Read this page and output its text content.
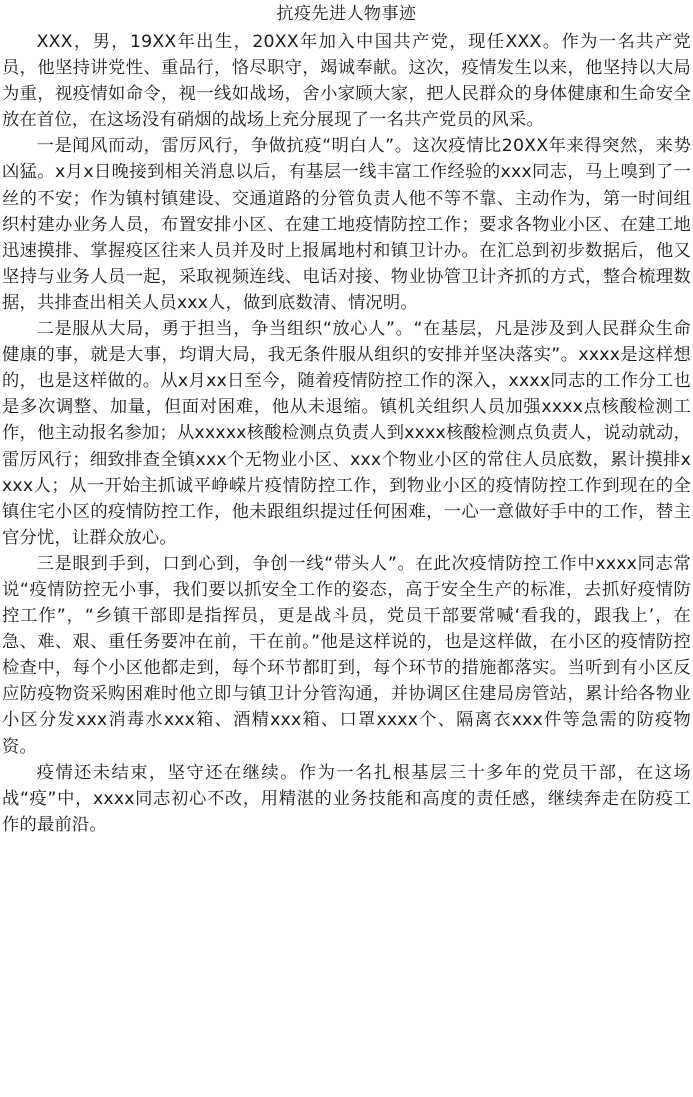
抗疫先进人物事迹

XXX，男，19XX年出生，20XX年加入中国共产党，现任XXX。作为一名共产党员，他坚持讲党性、重品行，恪尽职守，竭诚奉献。这次，疫情发生以来，他坚持以大局为重，视疫情如命令，视一线如战场，舍小家顾大家，把人民群众的身体健康和生命安全放在首位，在这场没有硝烟的战场上充分展现了一名共产党员的风采。

一是闻风而动，雷厉风行，争做抗疫“明白人”。这次疫情比20XX年来得突然，来势凶猛。x月x日晚接到相关消息以后，有基层一线丰富工作经验的xxx同志，马上嗅到了一丝的不安；作为镇村镇建设、交通道路的分管负责人他不等不靠、主动作为，第一时间组织村建办业务人员，布置安排小区、在建工地疫情防控工作；要求各物业小区、在建工地迅速摸排、掌握疫区往来人员并及时上报属地村和镇卫计办。在汇总到初步数据后，他又坚持与业务人员一起，采取视频连线、电话对接、物业协管卫计齐抓的方式，整合梳理数据，共排查出相关人员xxx人，做到底数清、情况明。

二是服从大局，勇于担当，争当组织“放心人”。“在基层，凡是涉及到人民群众生命健康的事，就是大事，均谓大局，我无条件服从组织的安排并坚决落实”。xxxx是这样想的，也是这样做的。从x月xx日至今，随着疫情防控工作的深入，xxxx同志的工作分工也是多次调整、加量，但面对困难，他从未退缩。镇机关组织人员加强xxxx点核酸检测工作，他主动报名参加；从xxxxx核酸检测点负责人到xxxx核酸检测点负责人，说动就动，雷厉风行；细致排查全镇xxx个无物业小区、xxx个物业小区的常住人员底数，累计摸排xxxx人；从一开始主抓诚平峥嵘片疫情防控工作，到物业小区的疫情防控工作到现在的全镇住宅小区的疫情防控工作，他未跟组织提过任何困难，一心一意做好手中的工作，替主官分忧，让群众放心。

三是眼到手到，口到心到，争创一线“带头人”。在此次疫情防控工作中xxxx同志常说“疫情防控无小事，我们要以抓安全工作的姿态，高于安全生产的标准，去抓好疫情防控工作”，“乡镇干部即是指挥员，更是战斗员，党员干部要常喊‘看我的，跟我上’，在急、难、艰、重任务要冲在前，干在前。”他是这样说的，也是这样做，在小区的疫情防控检查中，每个小区他都走到，每个环节都盯到，每个环节的措施都落实。当听到有小区反应防疫物资采购困难时他立即与镇卫计分管沟通，并协调区住建局房管站，累计给各物业小区分发xxx消毒水xxx箱、酒精xxx箱、口罩xxxx个、隔离衣xxx件等急需的防疫物资。

疫情还未结束，坚守还在继续。作为一名扎根基层三十多年的党员干部，在这场战“疫”中，xxxx同志初心不改，用精湛的业务技能和高度的责任感，继续奔走在防疫工作的最前沿。
